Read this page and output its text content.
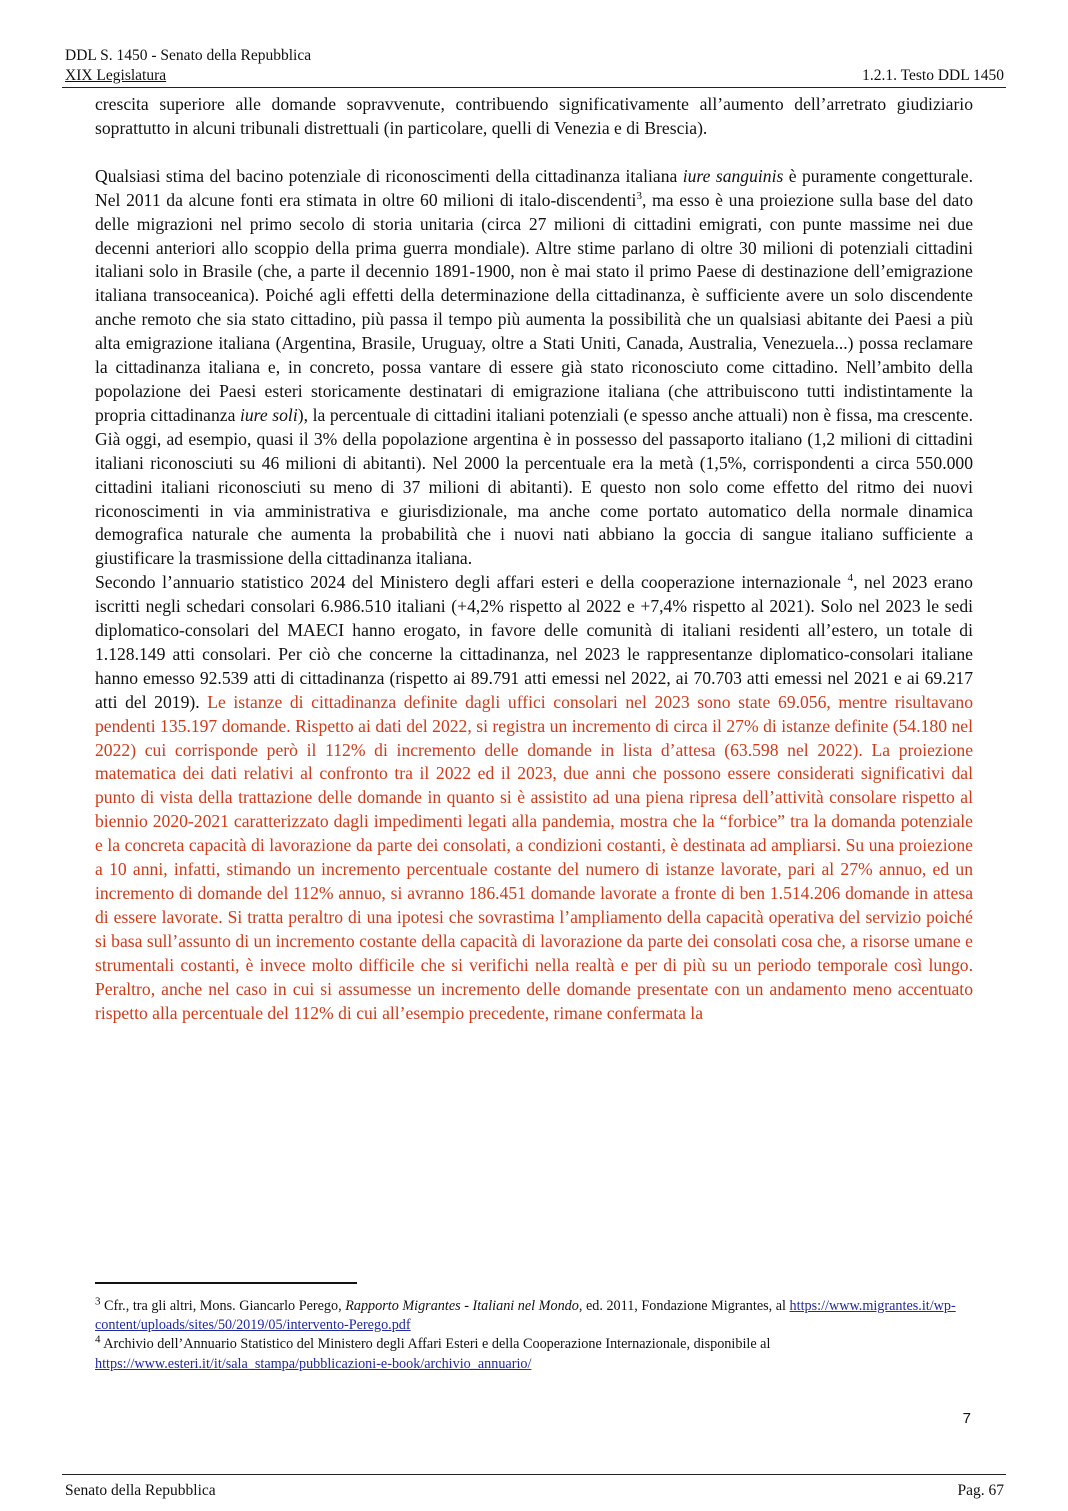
DDL S. 1450 - Senato della Repubblica
XIX Legislatura	1.2.1. Testo DDL 1450

crescita superiore alle domande sopravvenute, contribuendo significativamente all’aumento dell’arretrato giudiziario soprattutto in alcuni tribunali distrettuali (in particolare, quelli di Venezia e di Brescia).

Qualsiasi stima del bacino potenziale di riconoscimenti della cittadinanza italiana iure sanguinis è puramente congetturale. Nel 2011 da alcune fonti era stimata in oltre 60 milioni di italo-discendenti$^3$, ma esso è una proiezione sulla base del dato delle migrazioni nel primo secolo di storia unitaria (circa 27 milioni di cittadini emigrati, con punte massime nei due decenni anteriori allo scoppio della prima guerra mondiale). Altre stime parlano di oltre 30 milioni di potenziali cittadini italiani solo in Brasile (che, a parte il decennio 1891-1900, non è mai stato il primo Paese di destinazione dell’emigrazione italiana transoceanica). Poiché agli effetti della determinazione della cittadinanza, è sufficiente avere un solo discendente anche remoto che sia stato cittadino, più passa il tempo più aumenta la possibilità che un qualsiasi abitante dei Paesi a più alta emigrazione italiana (Argentina, Brasile, Uruguay, oltre a Stati Uniti, Canada, Australia, Venezuela...) possa reclamare la cittadinanza italiana e, in concreto, possa vantare di essere già stato riconosciuto come cittadino. Nell’ambito della popolazione dei Paesi esteri storicamente destinatari di emigrazione italiana (che attribuiscono tutti indistintamente la propria cittadinanza iure soli), la percentuale di cittadini italiani potenziali (e spesso anche attuali) non è fissa, ma crescente. Già oggi, ad esempio, quasi il 3% della popolazione argentina è in possesso del passaporto italiano (1,2 milioni di cittadini italiani riconosciuti su 46 milioni di abitanti). Nel 2000 la percentuale era la metà (1,5%, corrispondenti a circa 550.000 cittadini italiani riconosciuti su meno di 37 milioni di abitanti). E questo non solo come effetto del ritmo dei nuovi riconoscimenti in via amministrativa e giurisdizionale, ma anche come portato automatico della normale dinamica demografica naturale che aumenta la probabilità che i nuovi nati abbiano la goccia di sangue italiano sufficiente a giustificare la trasmissione della cittadinanza italiana.

Secondo l’annuario statistico 2024 del Ministero degli affari esteri e della cooperazione internazionale $^4$, nel 2023 erano iscritti negli schedari consolari 6.986.510 italiani (+4,2% rispetto al 2022 e +7,4% rispetto al 2021). Solo nel 2023 le sedi diplomatico-consolari del MAECI hanno erogato, in favore delle comunità di italiani residenti all’estero, un totale di 1.128.149 atti consolari. Per ciò che concerne la cittadinanza, nel 2023 le rappresentanze diplomatico-consolari italiane hanno emesso 92.539 atti di cittadinanza (rispetto ai 89.791 atti emessi nel 2022, ai 70.703 atti emessi nel 2021 e ai 69.217 atti del 2019). Le istanze di cittadinanza definite dagli uffici consolari nel 2023 sono state 69.056, mentre risultavano pendenti 135.197 domande. Rispetto ai dati del 2022, si registra un incremento di circa il 27% di istanze definite (54.180 nel 2022) cui corrisponde però il 112% di incremento delle domande in lista d’attesa (63.598 nel 2022). La proiezione matematica dei dati relativi al confronto tra il 2022 ed il 2023, due anni che possono essere considerati significativi dal punto di vista della trattazione delle domande in quanto si è assistito ad una piena ripresa dell’attività consolare rispetto al biennio 2020-2021 caratterizzato dagli impedimenti legati alla pandemia, mostra che la “forbice” tra la domanda potenziale e la concreta capacità di lavorazione da parte dei consolati, a condizioni costanti, è destinata ad ampliarsi. Su una proiezione a 10 anni, infatti, stimando un incremento percentuale costante del numero di istanze lavorate, pari al 27% annuo, ed un incremento di domande del 112% annuo, si avranno 186.451 domande lavorate a fronte di ben 1.514.206 domande in attesa di essere lavorate. Si tratta peraltro di una ipotesi che sovrastima l’ampliamento della capacità operativa del servizio poiché si basa sull’assunto di un incremento costante della capacità di lavorazione da parte dei consolati cosa che, a risorse umane e strumentali costanti, è invece molto difficile che si verifichi nella realtà e per di più su un periodo temporale così lungo. Peraltro, anche nel caso in cui si assumesse un incremento delle domande presentate con un andamento meno accentuato rispetto alla percentuale del 112% di cui all’esempio precedente, rimane confermata la

$^3$ Cfr., tra gli altri, Mons. Giancarlo Perego, Rapporto Migrantes - Italiani nel Mondo, ed. 2011, Fondazione Migrantes, al https://www.migrantes.it/wp-content/uploads/sites/50/2019/05/intervento-Perego.pdf

$^4$ Archivio dell’Annuario Statistico del Ministero degli Affari Esteri e della Cooperazione Internazionale, disponibile al https://www.esteri.it/it/sala_stampa/pubblicazioni-e-book/archivio_annuario/

7
Senato della Repubblica	Pag. 67
